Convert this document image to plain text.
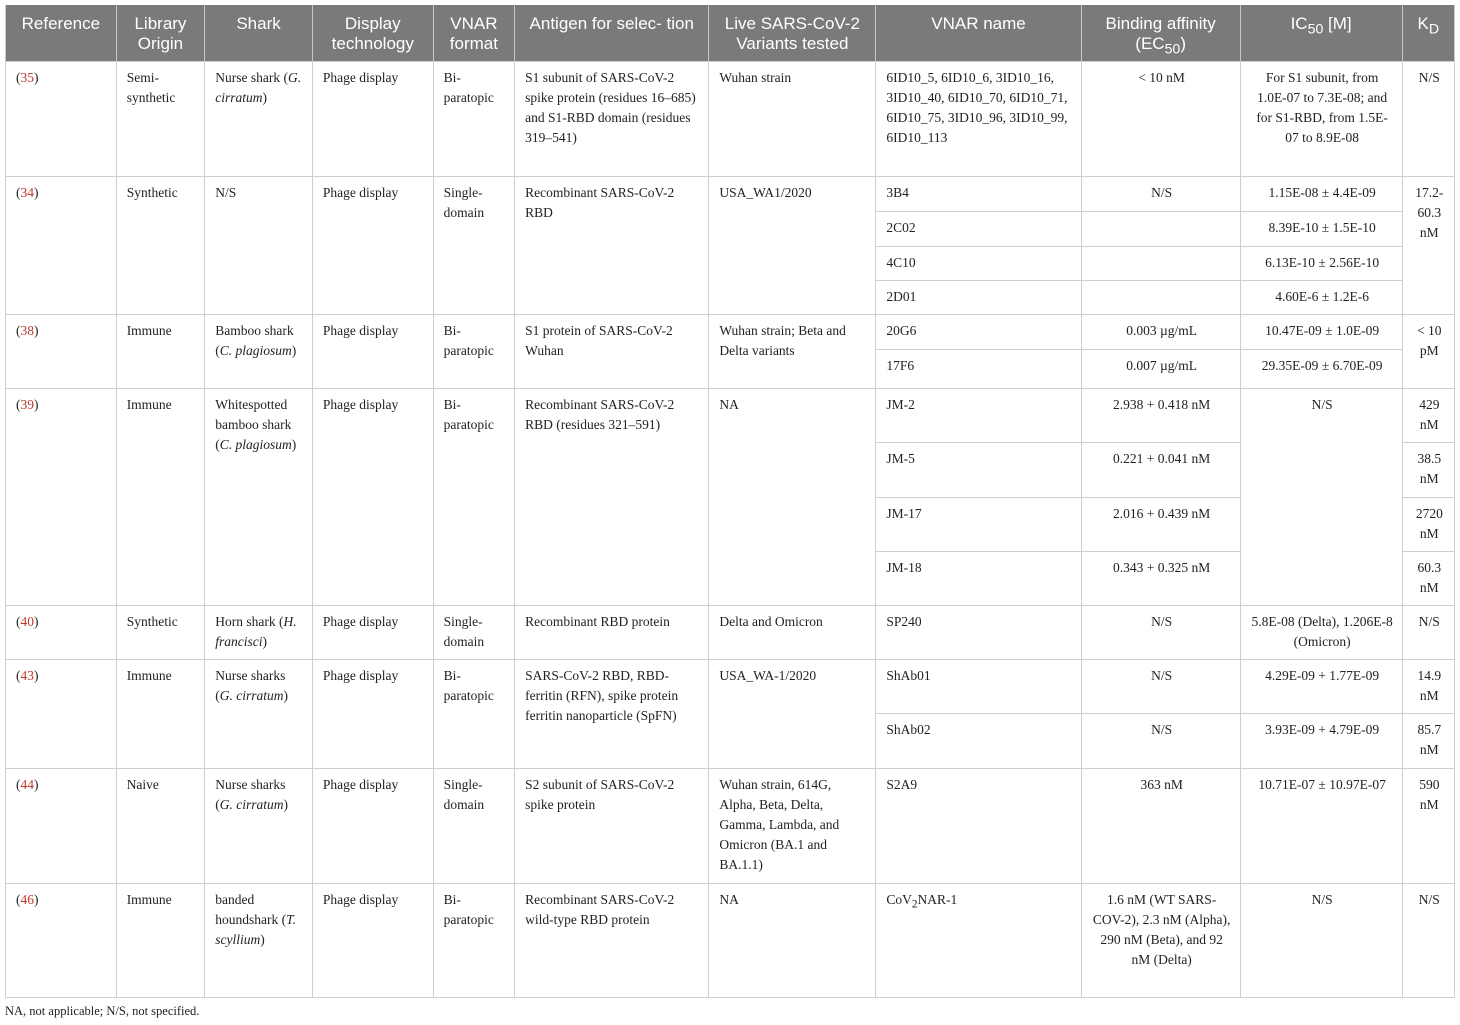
Reference	Library Origin	Shark	Display technology	VNAR format	Antigen for selec- tion	Live SARS-CoV-2 Variants tested	VNAR name	Binding affinity $(EC_{50})$	$IC_{50}$ [M]	$K_D$
(35)	Semi-synthetic	Nurse shark (G. cirratum)	Phage display	Bi-paratopic	S1 subunit of SARS-CoV-2 spike protein (residues 16–685) and S1-RBD domain (residues 319–541)	Wuhan strain	6ID10_5, 6ID10_6, 3ID10_16, 3ID10_40, 6ID10_70, 6ID10_71, 6ID10_75, 3ID10_96, 3ID10_99, 6ID10_113	< 10 nM	For S1 subunit, from 1.0E-07 to 7.3E-08; and for S1-RBD, from 1.5E-07 to 8.9E-08	N/S
(34)	Synthetic	N/S	Phage display	Single-domain	Recombinant SARS-CoV-2 RBD	USA_WA1/2020	3B4	N/S	1.15E-08 ± 4.4E-09	17.2-60.3 nM
							2C02		8.39E-10 ± 1.5E-10	
							4C10		6.13E-10 ± 2.56E-10	
							2D01		4.60E-6 ± 1.2E-6	
(38)	Immune	Bamboo shark (C. plagiosum)	Phage display	Bi-paratopic	S1 protein of SARS-CoV-2 Wuhan	Wuhan strain; Beta and Delta variants	20G6	0.003 µg/mL	10.47E-09 ± 1.0E-09	< 10 pM
							17F6	0.007 µg/mL	29.35E-09 ± 6.70E-09	
(39)	Immune	Whitespotted bamboo shark (C. plagiosum)	Phage display	Bi-paratopic	Recombinant SARS-CoV-2 RBD (residues 321–591)	NA	JM-2	2.938 + 0.418 nM	N/S	429 nM
							JM-5	0.221 + 0.041 nM		38.5 nM
							JM-17	2.016 + 0.439 nM		2720 nM
							JM-18	0.343 + 0.325 nM		60.3 nM
(40)	Synthetic	Horn shark (H. francisci)	Phage display	Single-domain	Recombinant RBD protein	Delta and Omicron	SP240	N/S	5.8E-08 (Delta), 1.206E-8 (Omicron)	N/S
(43)	Immune	Nurse sharks (G. cirratum)	Phage display	Bi-paratopic	SARS-CoV-2 RBD, RBD-ferritin (RFN), spike protein ferritin nanoparticle (SpFN)	USA_WA-1/2020	ShAb01	N/S	4.29E-09 + 1.77E-09	14.9 nM
							ShAb02	N/S	3.93E-09 + 4.79E-09	85.7 nM
(44)	Naive	Nurse sharks (G. cirratum)	Phage display	Single-domain	S2 subunit of SARS-CoV-2 spike protein	Wuhan strain, 614G, Alpha, Beta, Delta, Gamma, Lambda, and Omicron (BA.1 and BA.1.1)	S2A9	363 nM	10.71E-07 ± 10.97E-07	590 nM
(46)	Immune	banded houndshark (T. scyllium)	Phage display	Bi-paratopic	Recombinant SARS-CoV-2 wild-type RBD protein	NA	CoV$_2$NAR-1	1.6 nM (WT SARS-COV-2), 2.3 nM (Alpha), 290 nM (Beta), and 92 nM (Delta)	N/S	N/S
NA, not applicable; N/S, not specified.
